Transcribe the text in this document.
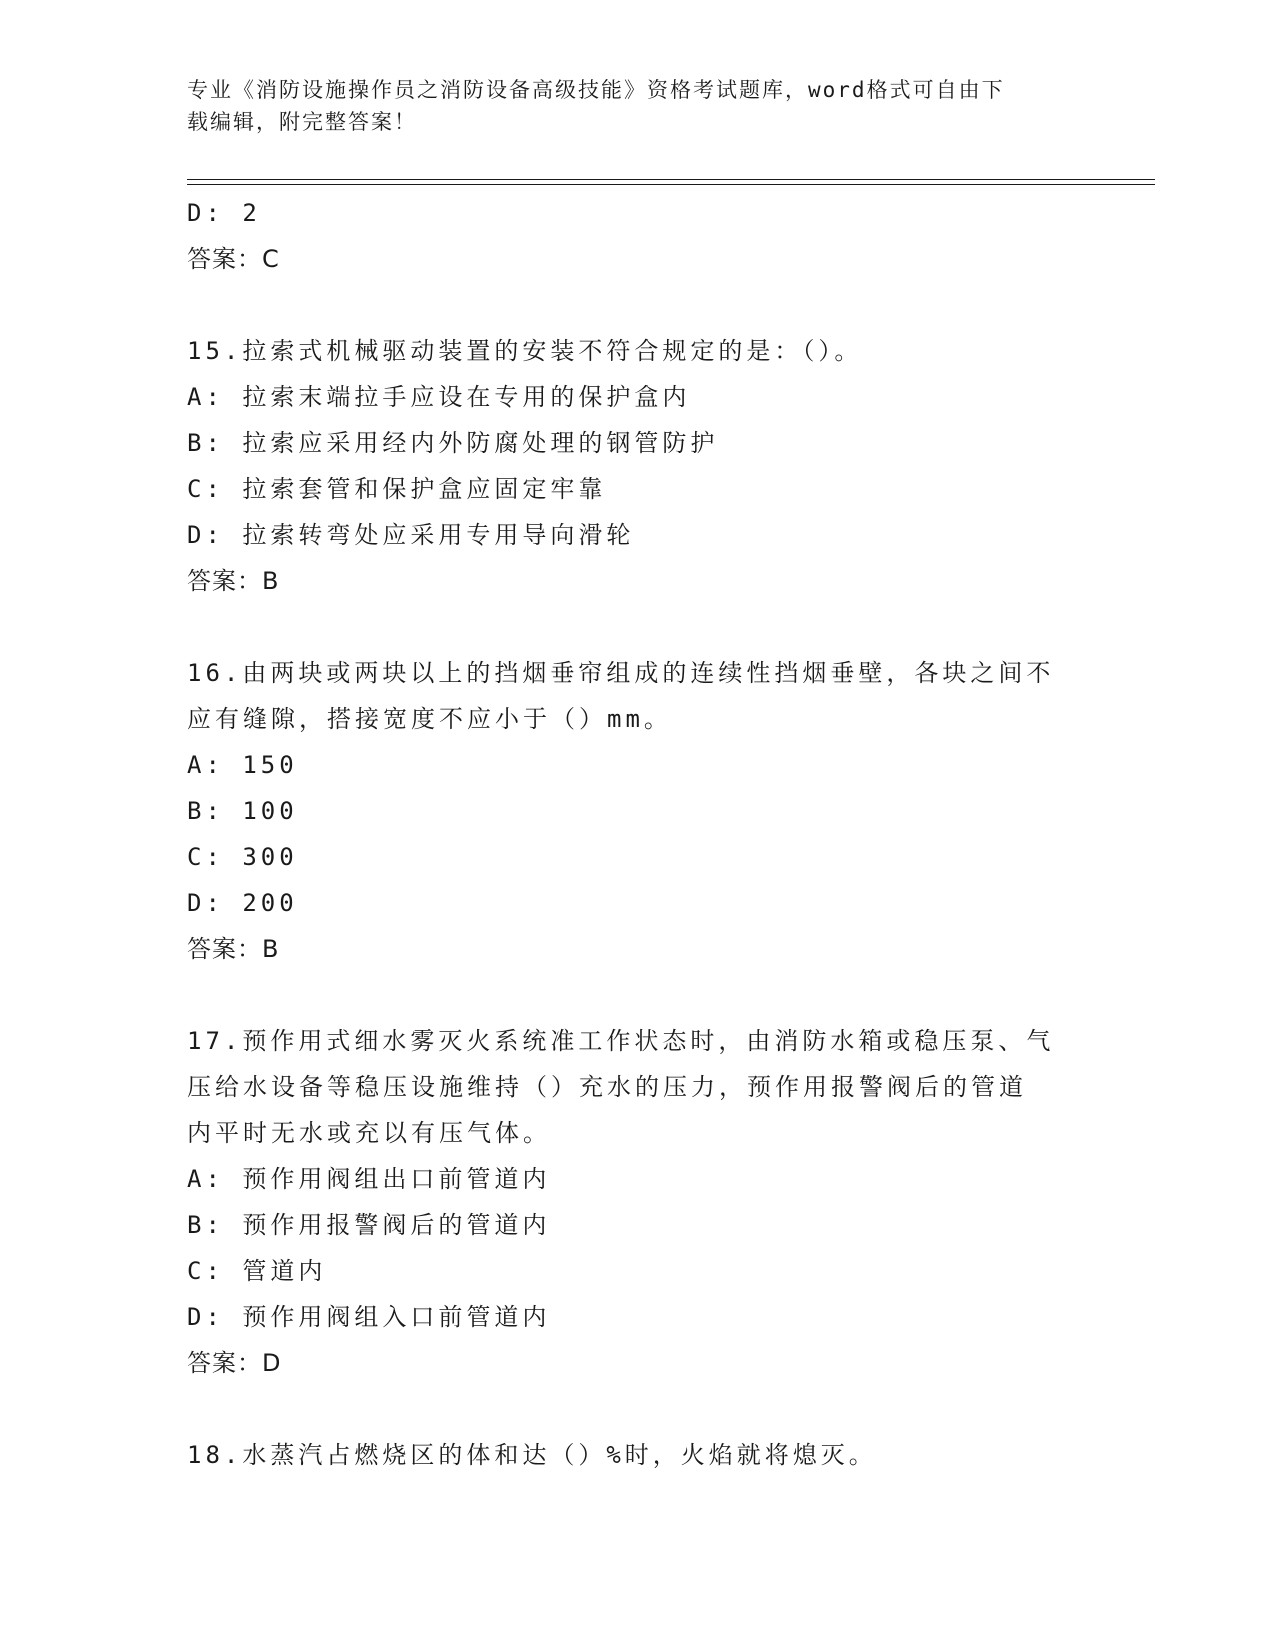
专业《消防设施操作员之消防设备高级技能》资格考试题库，word格式可自由下
载编辑，附完整答案！
D: 2
答案：C
15.拉索式机械驱动装置的安装不符合规定的是：（）。
A: 拉索末端拉手应设在专用的保护盒内
B: 拉索应采用经内外防腐处理的钢管防护
C: 拉索套管和保护盒应固定牢靠
D: 拉索转弯处应采用专用导向滑轮
答案：B
16.由两块或两块以上的挡烟垂帘组成的连续性挡烟垂壁，各块之间不
应有缝隙，搭接宽度不应小于（）mm。
A: 150
B: 100
C: 300
D: 200
答案：B
17.预作用式细水雾灭火系统准工作状态时，由消防水箱或稳压泵、气
压给水设备等稳压设施维持（）充水的压力，预作用报警阀后的管道
内平时无水或充以有压气体。
A: 预作用阀组出口前管道内
B: 预作用报警阀后的管道内
C: 管道内
D: 预作用阀组入口前管道内
答案：D
18.水蒸汽占燃烧区的体和达（）%时，火焰就将熄灭。
